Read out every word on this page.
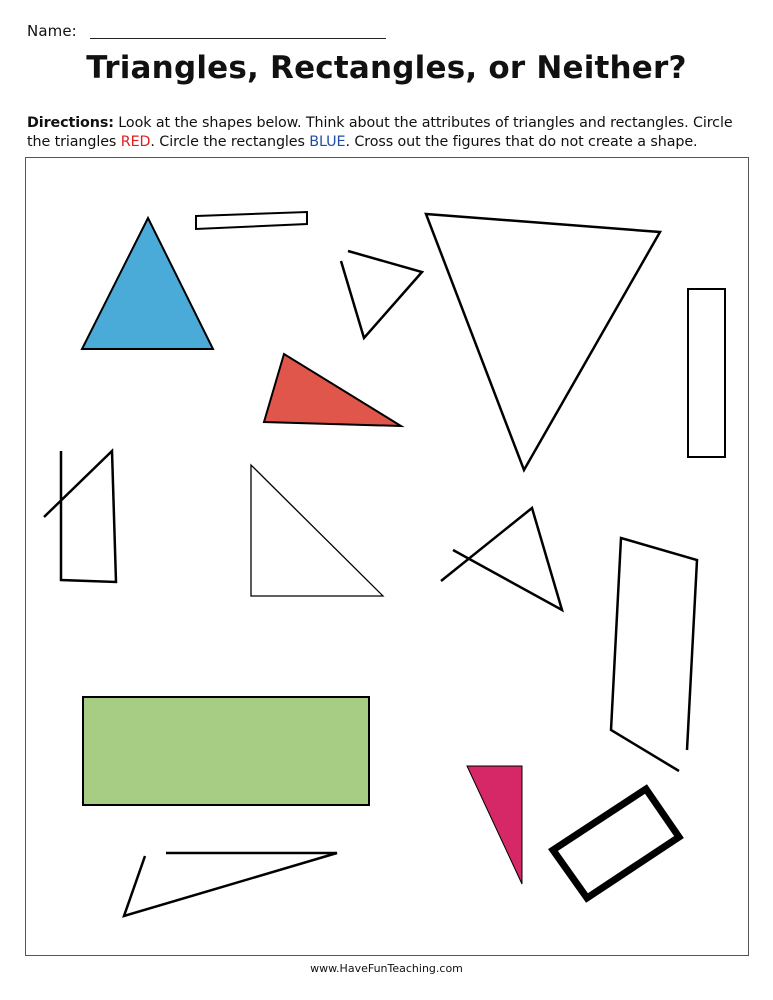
Name:
Triangles, Rectangles, or Neither?
Directions: Look at the shapes below. Think about the attributes of triangles and rectangles. Circle the triangles RED. Circle the rectangles BLUE. Cross out the figures that do not create a shape.
www.HaveFunTeaching.com
